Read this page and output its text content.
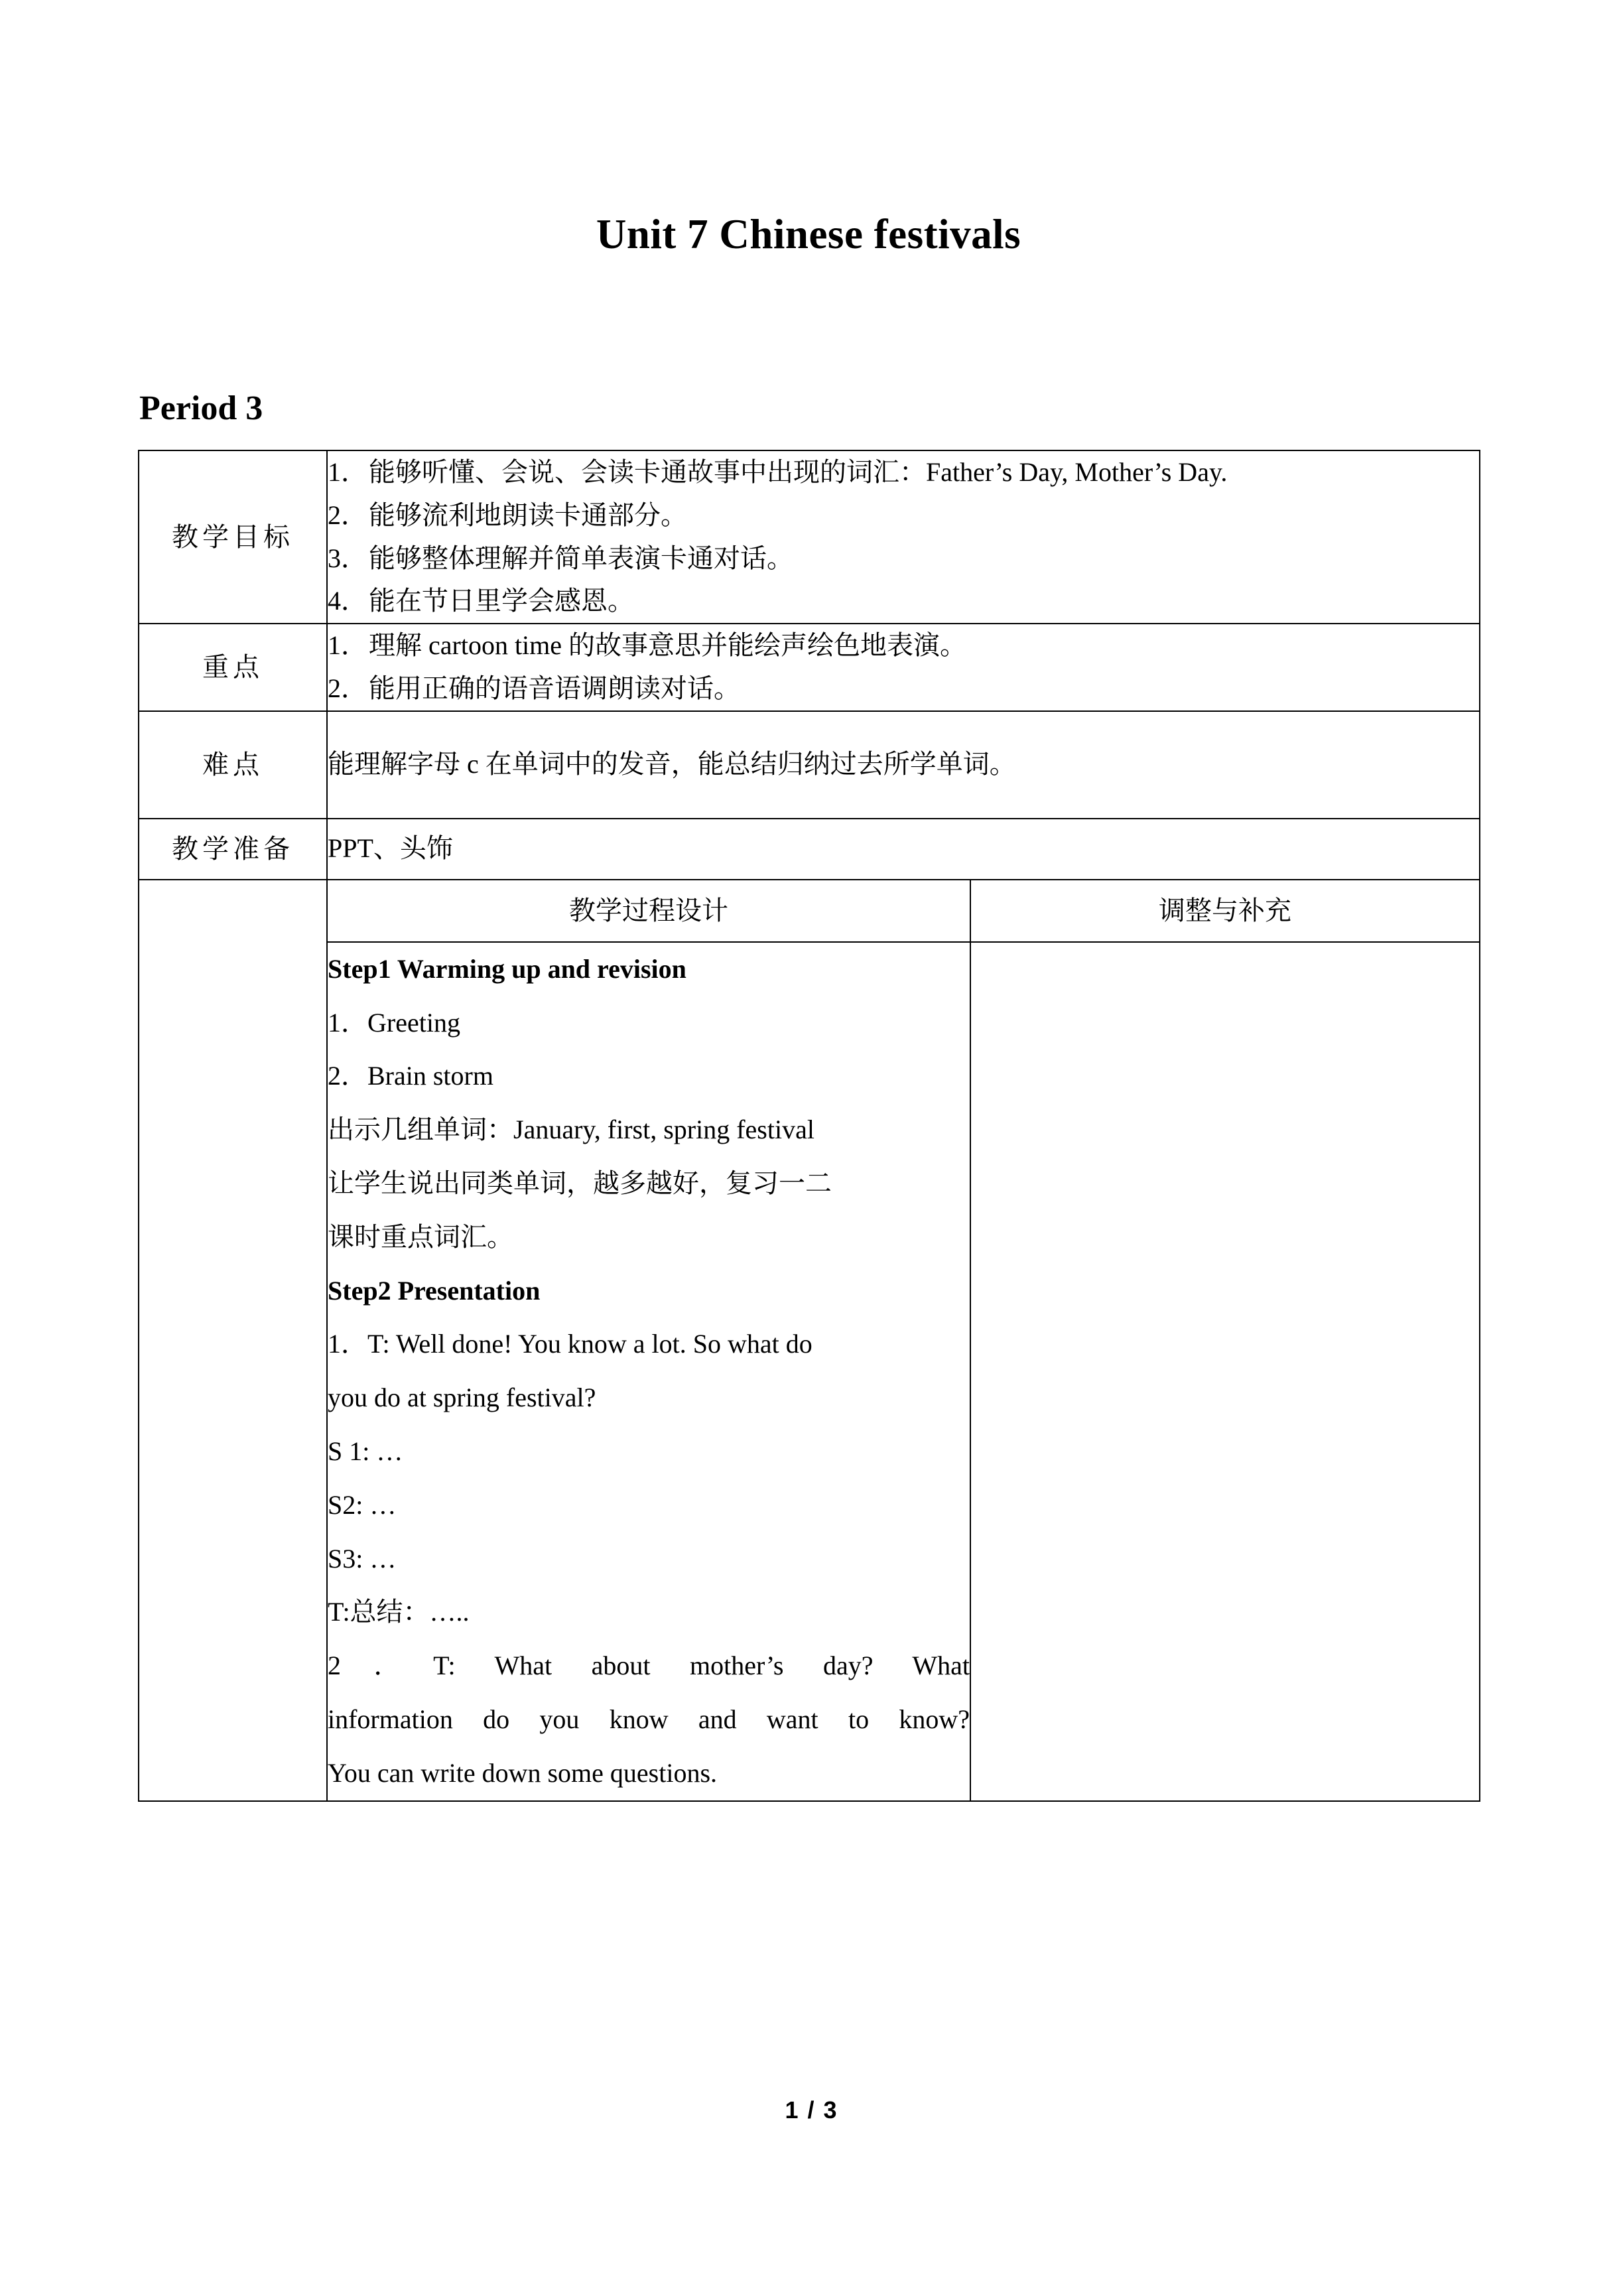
Unit 7 Chinese festivals
Period 3
教学目标	1．能够听懂、会说、会读卡通故事中出现的词汇：Father’s Day, Mother’s Day.

2．能够流利地朗读卡通部分。

3．能够整体理解并简单表演卡通对话。

4．能在节日里学会感恩。	

重点	1．理解 cartoon time 的故事意思并能绘声绘色地表演。

2．能用正确的语音语调朗读对话。	

难点	能理解字母 c 在单词中的发音，能总结归纳过去所学单词。	

教学准备	PPT、头饰	

	教学过程设计	调整与补充

Step1 Warming up and revision

1．Greeting

2．Brain storm

出示几组单词：January, first, spring festival

让学生说出同类单词，越多越好，复习一二

课时重点词汇。

Step2 Presentation

1．T: Well done! You know a lot. So what do

you do at spring festival?

S 1: …

S2: …

S3: …

T:总结：…..

2．T: What about mother’s day? What

information do you know and want to know?

You can write down some questions.

1 / 3
